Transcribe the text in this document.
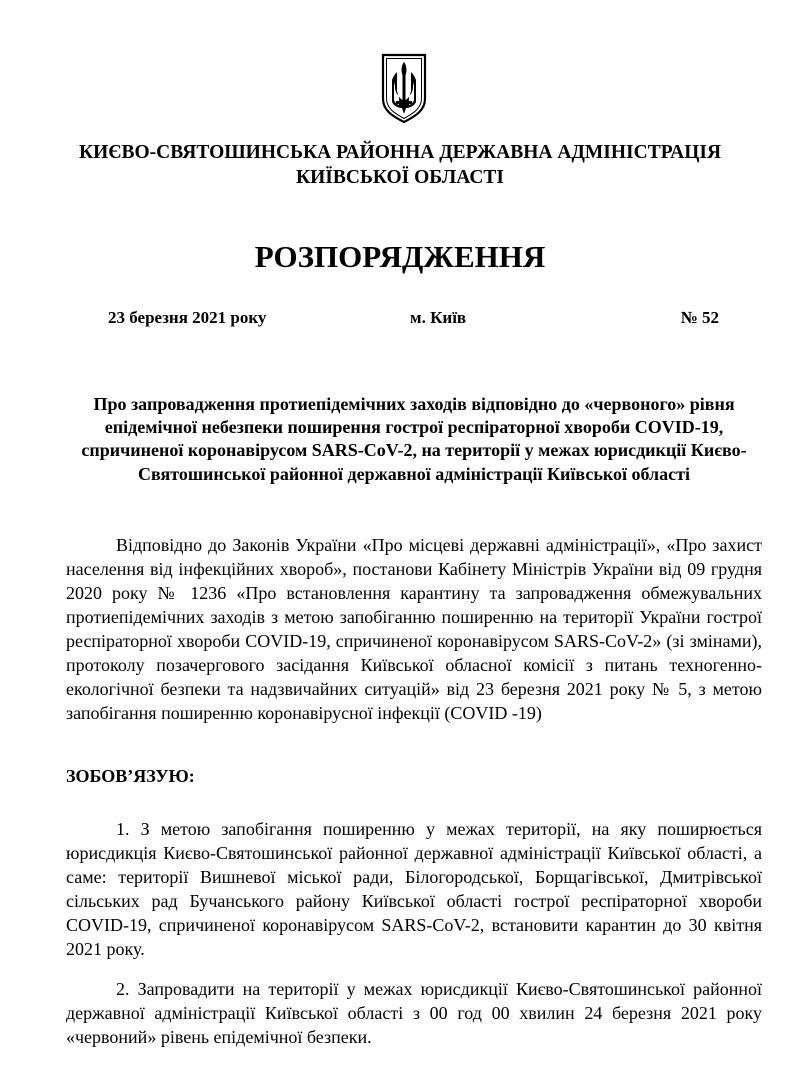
КИЄВО-СВЯТОШИНСЬКА РАЙОННА ДЕРЖАВНА АДМІНІСТРАЦІЯ
КИЇВСЬКОЇ ОБЛАСТІ
РОЗПОРЯДЖЕННЯ
23 березня 2021 року	м. Київ	№ 52
Про запровадження протиепідемічних заходів відповідно до «червоного» рівня епідемічної небезпеки поширення гострої респіраторної хвороби COVID-19, спричиненої коронавірусом SARS-CoV-2, на території у межах юрисдикції Києво-Святошинської районної державної адміністрації Київської області
Відповідно до Законів України «Про місцеві державні адміністрації», «Про захист населення від інфекційних хвороб», постанови Кабінету Міністрів України від 09 грудня 2020 року № 1236 «Про встановлення карантину та запровадження обмежувальних протиепідемічних заходів з метою запобіганню поширенню на території України гострої респіраторної хвороби COVID-19, спричиненої коронавірусом SARS-CoV-2» (зі змінами), протоколу позачергового засідання Київської обласної комісії з питань техногенно-екологічної безпеки та надзвичайних ситуацій» від 23 березня 2021 року № 5, з метою запобігання поширенню коронавірусної інфекції (COVID -19)
ЗОБОВ’ЯЗУЮ:
1. З метою запобігання поширенню у межах території, на яку поширюється юрисдикція Києво-Святошинської районної державної адміністрації Київської області, а саме: території Вишневої міської ради, Білогородської, Борщагівської, Дмитрівської сільських рад Бучанського району Київської області гострої респіраторної хвороби COVID-19, спричиненої коронавірусом SARS-CoV-2, встановити карантин до 30 квітня 2021 року.
2. Запровадити на території у межах юрисдикції Києво-Святошинської районної державної адміністрації Київської області з 00 год 00 хвилин 24 березня 2021 року «червоний» рівень епідемічної безпеки.
